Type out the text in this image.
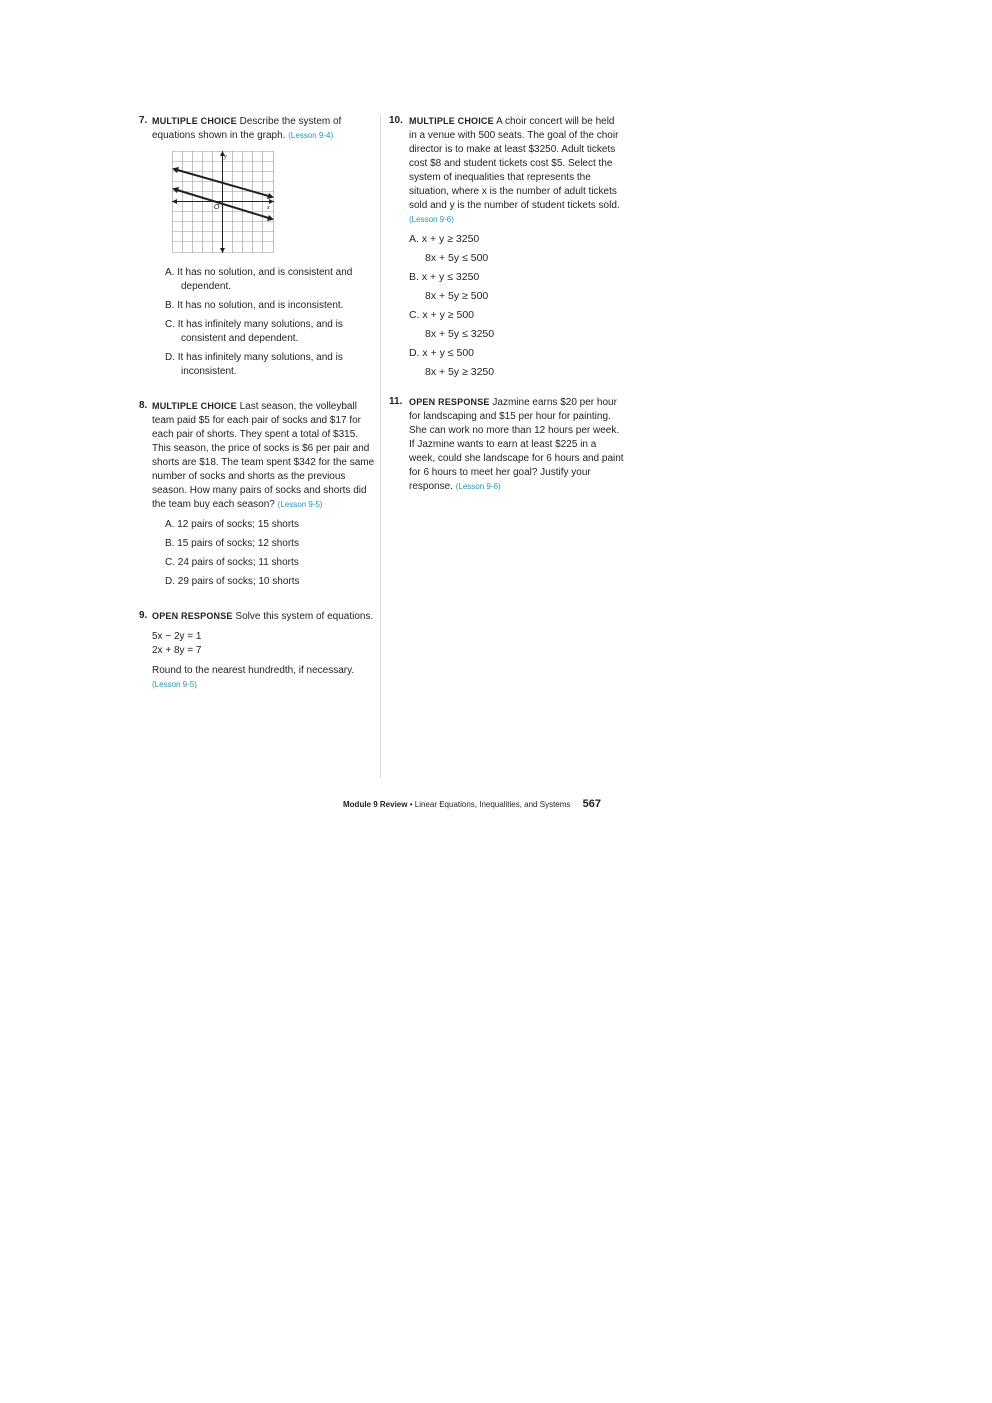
7. MULTIPLE CHOICE Describe the system of equations shown in the graph. (Lesson 9-4)
y
x
O
A. It has no solution, and is consistent and dependent.
B. It has no solution, and is inconsistent.
C. It has infinitely many solutions, and is consistent and dependent.
D. It has infinitely many solutions, and is inconsistent.
8. MULTIPLE CHOICE Last season, the volleyball team paid $5 for each pair of socks and $17 for each pair of shorts. They spent a total of $315. This season, the price of socks is $6 per pair and shorts are $18. The team spent $342 for the same number of socks and shorts as the previous season. How many pairs of socks and shorts did the team buy each season? (Lesson 9-5)
A. 12 pairs of socks; 15 shorts
B. 15 pairs of socks; 12 shorts
C. 24 pairs of socks; 11 shorts
D. 29 pairs of socks; 10 shorts
9. OPEN RESPONSE Solve this system of equations.
5x − 2y = 1
2x + 8y = 7
Round to the nearest hundredth, if necessary.
(Lesson 9-5)
10. MULTIPLE CHOICE A choir concert will be held in a venue with 500 seats. The goal of the choir director is to make at least $3250. Adult tickets cost $8 and student tickets cost $5. Select the system of inequalities that represents the situation, where x is the number of adult tickets sold and y is the number of student tickets sold. (Lesson 9-6)
A. x + y ≥ 3250
8x + 5y ≤ 500
B. x + y ≤ 3250
8x + 5y ≥ 500
C. x + y ≥ 500
8x + 5y ≤ 3250
D. x + y ≤ 500
8x + 5y ≥ 3250
11. OPEN RESPONSE Jazmine earns $20 per hour for landscaping and $15 per hour for painting. She can work no more than 12 hours per week. If Jazmine wants to earn at least $225 in a week, could she landscape for 6 hours and paint for 6 hours to meet her goal? Justify your response. (Lesson 9-6)
Module 9 Review • Linear Equations, Inequalities, and Systems 567
